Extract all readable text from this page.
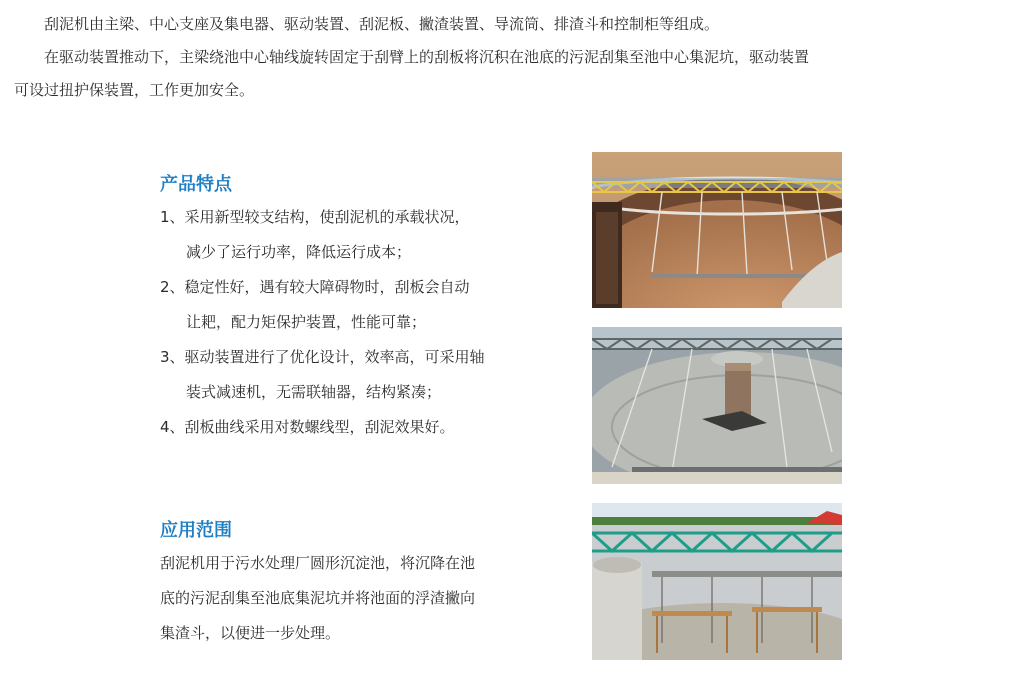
刮泥机由主梁、中心支座及集电器、驱动装置、刮泥板、撇渣装置、导流筒、排渣斗和控制柜等组成。

在驱动装置推动下，主梁绕池中心轴线旋转固定于刮臂上的刮板将沉积在池底的污泥刮集至池中心集泥坑，驱动装置

可设过扭护保装置，工作更加安全。

产品特点
1、采用新型较支结构，使刮泥机的承载状况，
减少了运行功率，降低运行成本；
2、稳定性好，遇有较大障碍物时，刮板会自动
让耙，配力矩保护装置，性能可靠；
3、驱动装置进行了优化设计，效率高，可采用轴
装式减速机，无需联轴器，结构紧凑；
4、刮板曲线采用对数螺线型，刮泥效果好。
应用范围
刮泥机用于污水处理厂圆形沉淀池，将沉降在池
底的污泥刮集至池底集泥坑并将池面的浮渣撇向
集渣斗，以便进一步处理。
